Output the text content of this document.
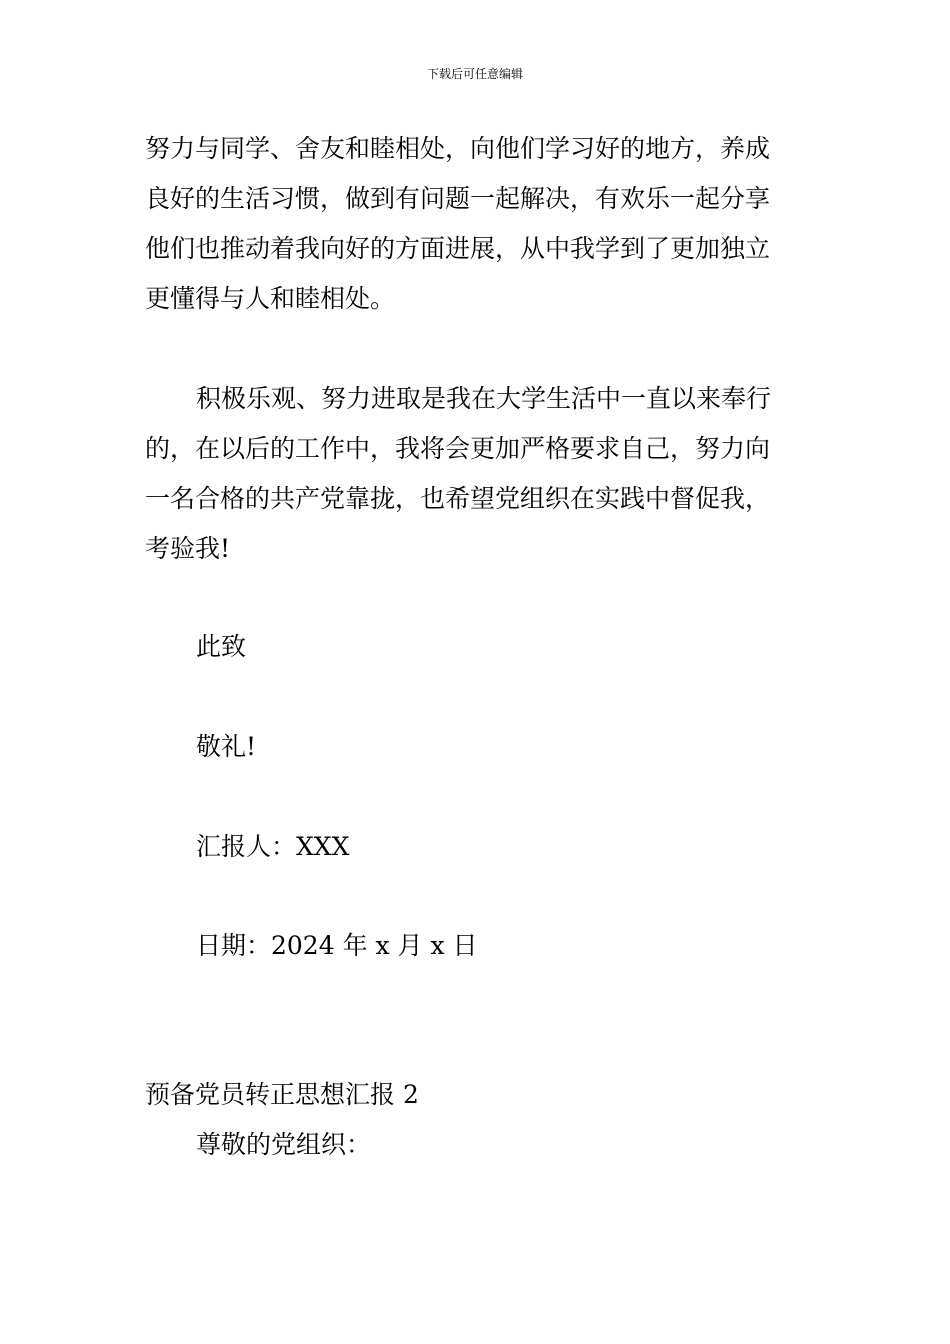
下载后可任意编辑
努力与同学、舍友和睦相处，向他们学习好的地方，养成
良好的生活习惯，做到有问题一起解决，有欢乐一起分享
他们也推动着我向好的方面进展，从中我学到了更加独立
更懂得与人和睦相处。
积极乐观、努力进取是我在大学生活中一直以来奉行
的，在以后的工作中，我将会更加严格要求自己，努力向
一名合格的共产党靠拢，也希望党组织在实践中督促我，
考验我!
此致
敬礼!
汇报人：XXX
日期：2024 年 x 月 x 日
预备党员转正思想汇报 2
尊敬的党组织：
